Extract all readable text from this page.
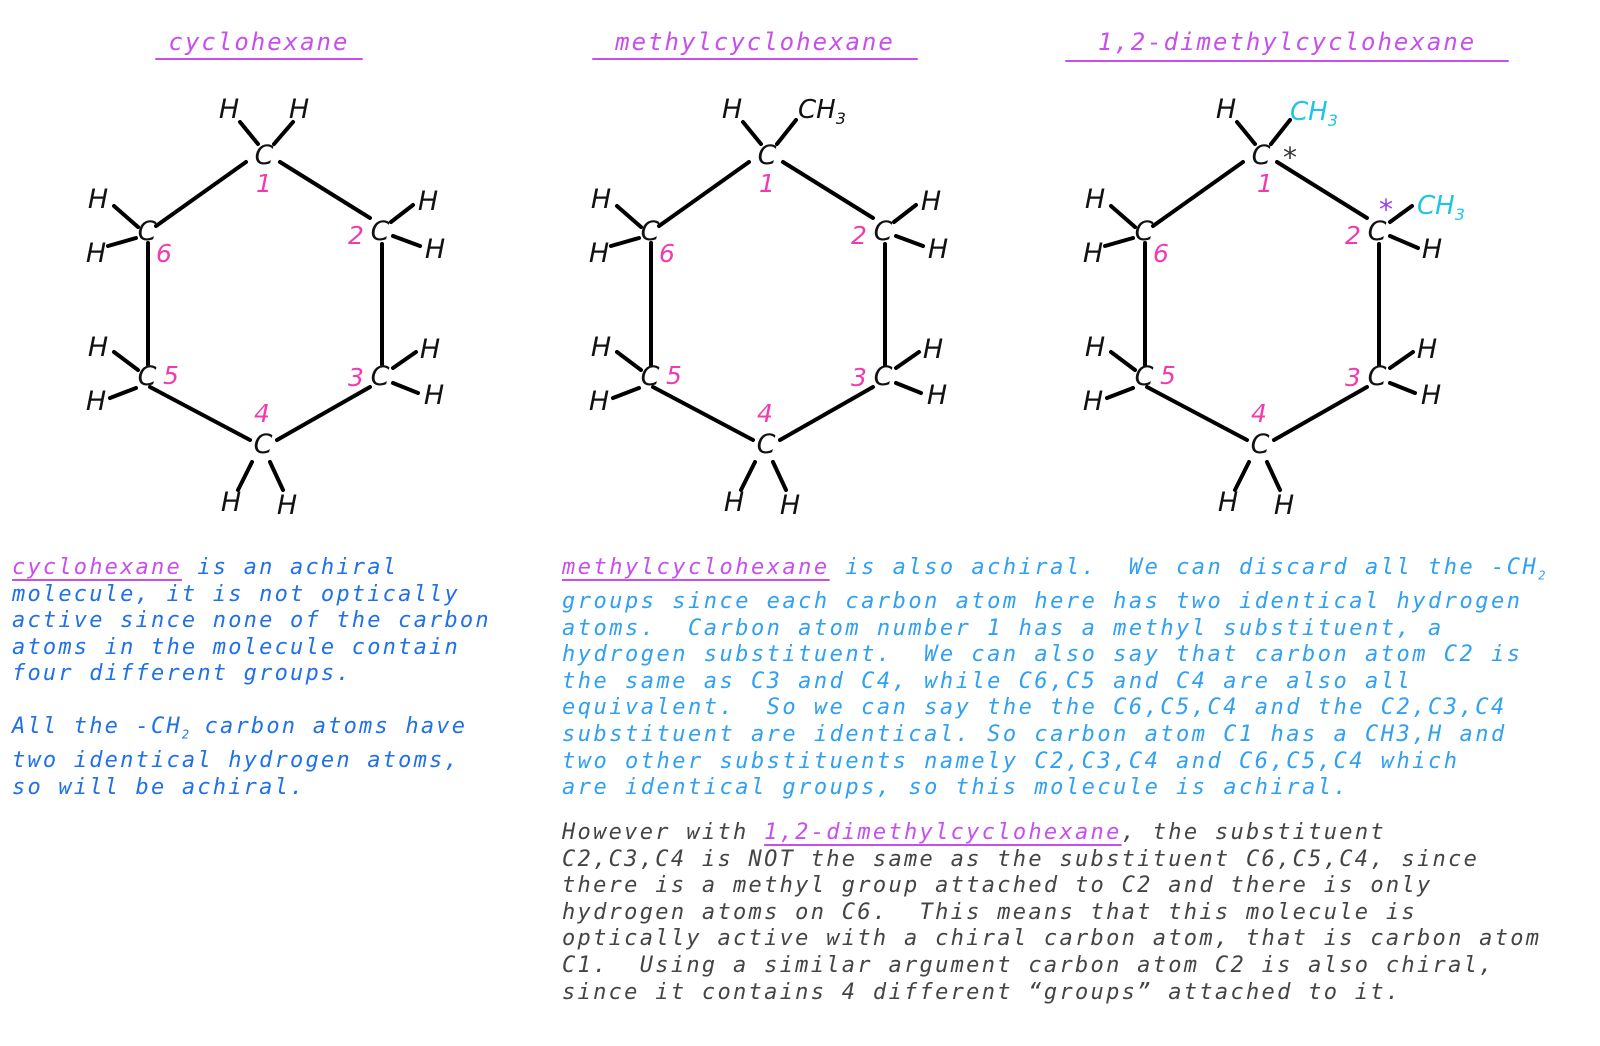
cyclohexane	methylcyclohexane	1,2-dimethylcyclohexane
C
C
C
C
C
C
H H
H
H
H
H
H
H
H
H
H H
1
2
3
4
5
6
C
C
C
C
C
C
H $CH_3$
H
H
H
H
H
H
H
H
H H
1
2
3
4
5
6
C
C
C
C
C
C
*
*
H $CH_3$
$CH_3$
H
H	H
H
H
H
H
H H
1
2
3
4
5
6
cyclohexane is an achiral
molecule, it is not optically
active since none of the carbon
atoms in the molecule contain
four different groups.
All the $-CH_2$ carbon atoms have
two identical hydrogen atoms,
so will be achiral.
methylcyclohexane is also achiral.  We can discard all the $-CH_2$
groups since each carbon atom here has two identical hydrogen
atoms.  Carbon atom number 1 has a methyl substituent, a
hydrogen substituent.  We can also say that carbon atom C2 is
the same as C3 and C4, while C6,C5 and C4 are also all
equivalent.  So we can say the the C6,C5,C4 and the C2,C3,C4
substituent are identical. So carbon atom C1 has a CH3,H and
two other substituents namely C2,C3,C4 and C6,C5,C4 which
are identical groups, so this molecule is achiral.
However with 1,2-dimethylcyclohexane, the substituent
C2,C3,C4 is NOT the same as the substituent C6,C5,C4, since
there is a methyl group attached to C2 and there is only
hydrogen atoms on C6.  This means that this molecule is
optically active with a chiral carbon atom, that is carbon atom
C1.  Using a similar argument carbon atom C2 is also chiral,
since it contains 4 different “groups” attached to it.
